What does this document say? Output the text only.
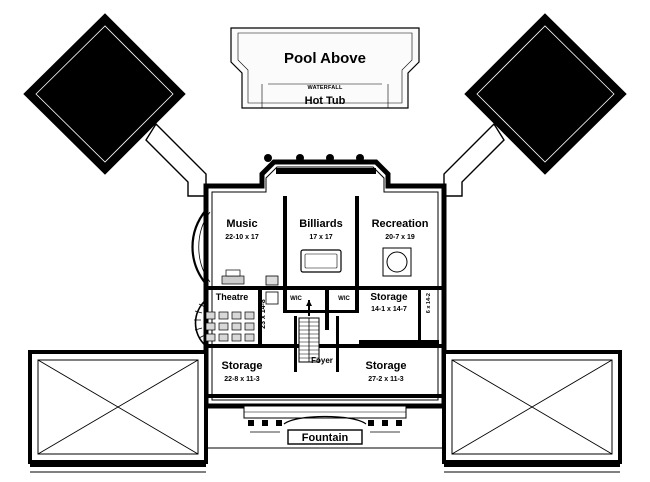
Pool Above
WATERFALL
Hot Tub
Music
22-10 x 17
Billiards
17 x 17
Recreation
20-7 x 19
Theatre
23 x 14-8
WIC	WIC	Storage
14-1 x 14-7	6 x 14-2
Storage
22-8 x 11-3
Storage
27-2 x 11-3
Foyer
Fountain
